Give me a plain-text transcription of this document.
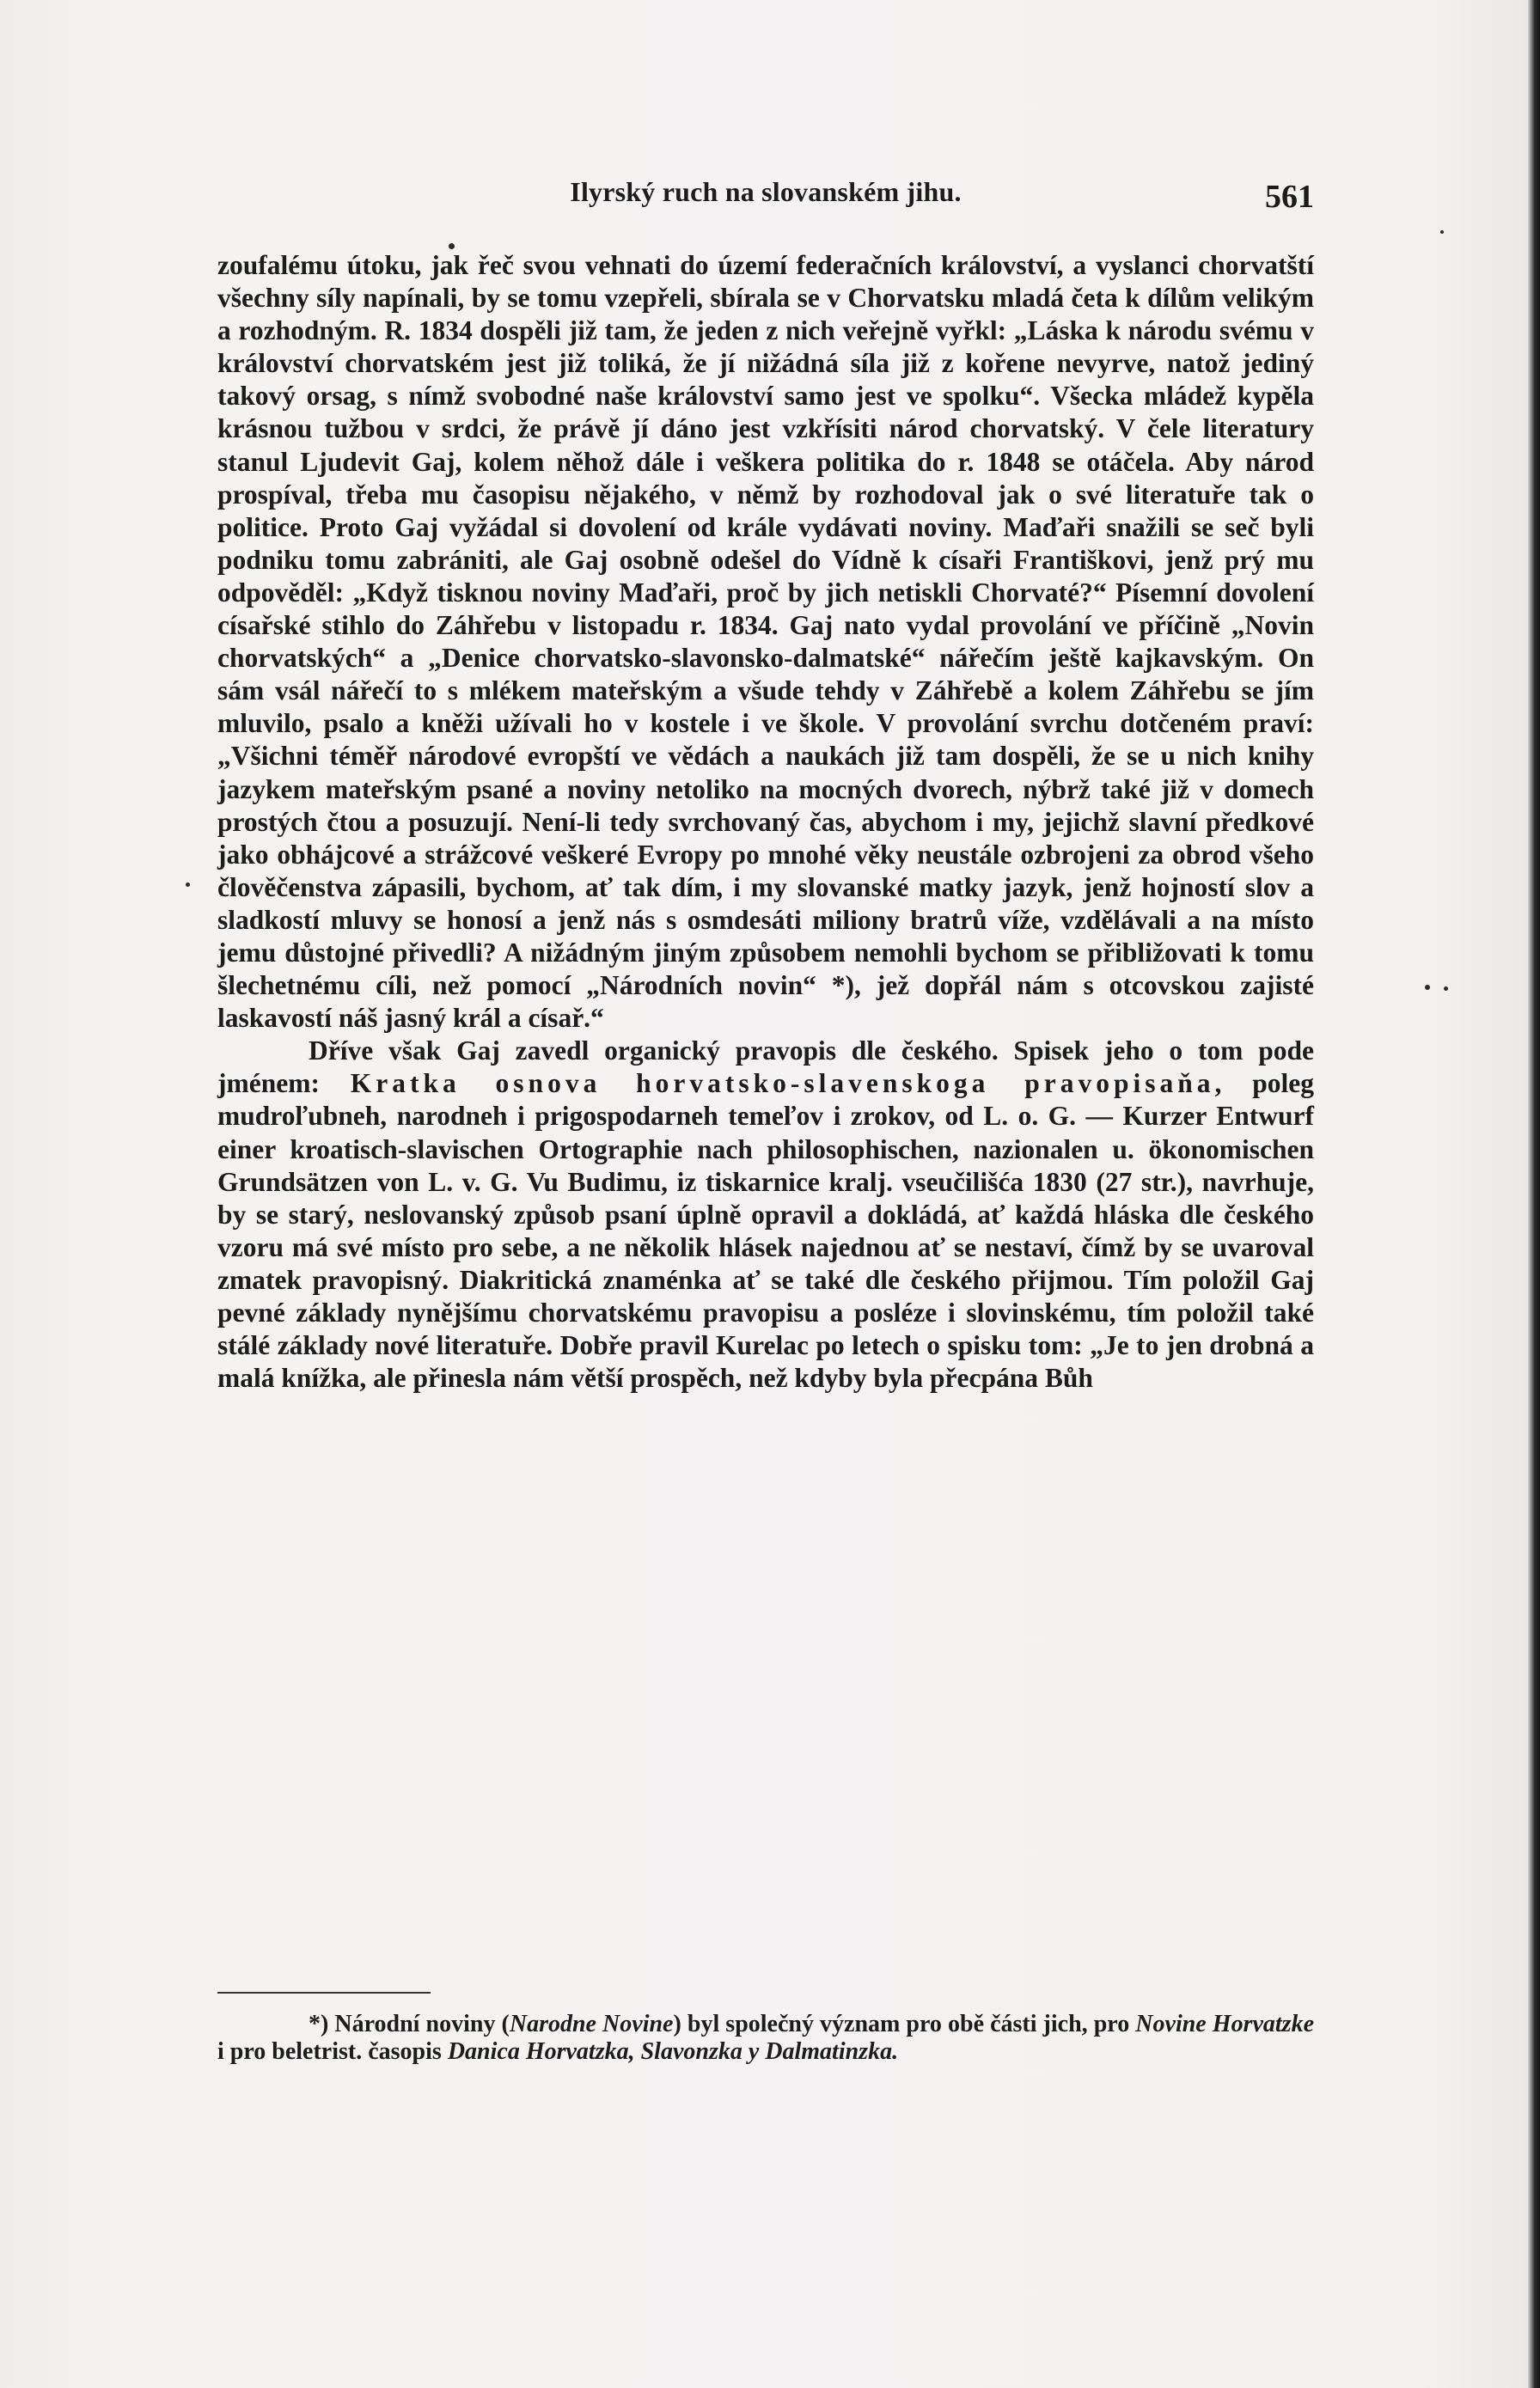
Ilyrský ruch na slovanském jihu.	561

zoufalému útoku, jak řeč svou vehnati do území federačních království, a vyslanci chorvatští všechny síly napínali, by se tomu vzepřeli, sbírala se v Chorvatsku mladá četa k dílům velikým a rozhodným. R. 1834 dospěli již tam, že jeden z nich veřejně vyřkl: „Láska k národu svému v království chorvatském jest již toliká, že jí nižádná síla již z kořene nevyrve, natož jediný takový orsag, s nímž svobodné naše království samo jest ve spolku“. Všecka mládež kypěla krásnou tužbou v srdci, že právě jí dáno jest vzkřísiti národ chorvatský. V čele literatury stanul Ljudevit Gaj, kolem něhož dále i veškera politika do r. 1848 se otáčela. Aby národ prospíval, třeba mu časopisu nějakého, v němž by rozhodoval jak o své literatuře tak o politice. Proto Gaj vyžádal si dovolení od krále vydávati noviny. Maďaři snažili se seč byli podniku tomu zabrániti, ale Gaj osobně odešel do Vídně k císaři Františkovi, jenž prý mu odpověděl: „Když tisknou noviny Maďaři, proč by jich netiskli Chorvaté?“ Písemní dovolení císařské stihlo do Záhřebu v listopadu r. 1834. Gaj nato vydal provolání ve příčině „Novin chorvatských“ a „Denice chorvatsko-slavonsko-dalmatské“ nářečím ještě kajkavským. On sám vsál nářečí to s mlékem mateřským a všude tehdy v Záhřebě a kolem Záhřebu se jím mluvilo, psalo a kněži užívali ho v kostele i ve škole. V provolání svrchu dotčeném praví: „Všichni téměř národové evropští ve vědách a naukách již tam dospěli, že se u nich knihy jazykem mateřským psané a noviny netoliko na mocných dvorech, nýbrž také již v domech prostých čtou a posuzují. Není-li tedy svrchovaný čas, abychom i my, jejichž slavní předkové jako obhájcové a strážcové veškeré Evropy po mnohé věky neustále ozbrojeni za obrod všeho člověčenstva zápasili, bychom, ať tak dím, i my slovanské matky jazyk, jenž hojností slov a sladkostí mluvy se honosí a jenž nás s osmdesáti miliony bratrů víže, vzdělávali a na místo jemu důstojné přivedli? A nižádným jiným způsobem nemohli bychom se přibližovati k tomu šlechetnému cíli, než pomocí „Národních novin“ *), jež dopřál nám s otcovskou zajisté laskavostí náš jasný král a císař.“

Dříve však Gaj zavedl organický pravopis dle českého. Spisek jeho o tom pode jménem: Kratka osnova horvatsko-slavenskoga pravopisaňa, poleg mudroľubneh, narodneh i prigospodarneh temeľov i zrokov, od L. o. G. — Kurzer Entwurf einer kroatisch-slavischen Ortographie nach philosophischen, nazionalen u. ökonomischen Grundsätzen von L. v. G. Vu Budimu, iz tiskarnice kralj. vseučilišća 1830 (27 str.), navrhuje, by se starý, neslovanský způsob psaní úplně opravil a dokládá, ať každá hláska dle českého vzoru má své místo pro sebe, a ne několik hlásek najednou ať se nestaví, čímž by se uvaroval zmatek pravopisný. Diakritická znaménka ať se také dle českého přijmou. Tím položil Gaj pevné základy nynějšímu chorvatskému pravopisu a posléze i slovinskému, tím položil také stálé základy nové literatuře. Dobře pravil Kurelac po letech o spisku tom: „Je to jen drobná a malá knížka, ale přinesla nám větší prospěch, než kdyby byla přecpána Bůh

*) Národní noviny (Narodne Novine) byl společný význam pro obě části jich, pro Novine Horvatzke i pro beletrist. časopis Danica Horvatzka, Slavonzka y Dalmatinzka.
